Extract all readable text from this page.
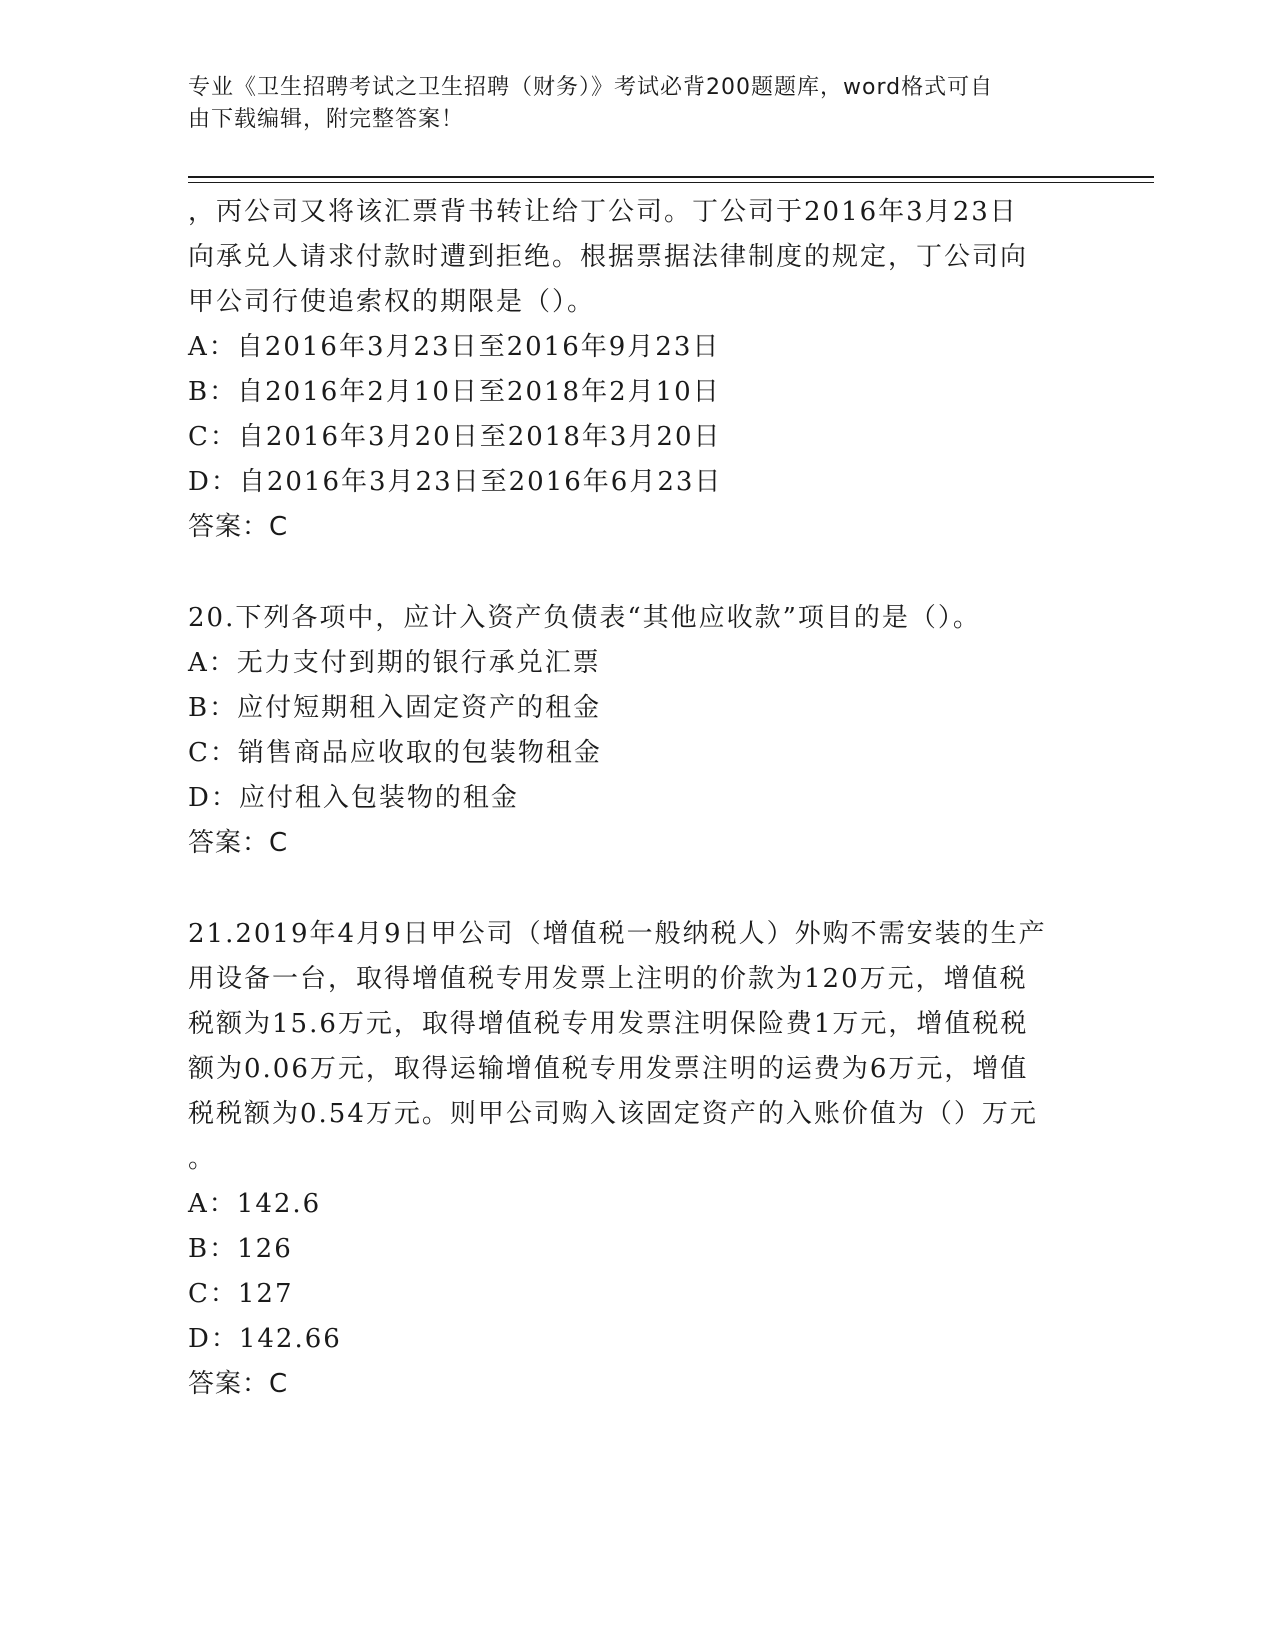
专业《卫生招聘考试之卫生招聘（财务）》考试必背200题题库，word格式可自
由下载编辑，附完整答案！
，丙公司又将该汇票背书转让给丁公司。丁公司于2016年3月23日
向承兑人请求付款时遭到拒绝。根据票据法律制度的规定，丁公司向
甲公司行使追索权的期限是（）。
A：自2016年3月23日至2016年9月23日
B：自2016年2月10日至2018年2月10日
C：自2016年3月20日至2018年3月20日
D：自2016年3月23日至2016年6月23日
答案：C
20.下列各项中，应计入资产负债表“其他应收款”项目的是（）。
A：无力支付到期的银行承兑汇票
B：应付短期租入固定资产的租金
C：销售商品应收取的包装物租金
D：应付租入包装物的租金
答案：C
21.2019年4月9日甲公司（增值税一般纳税人）外购不需安装的生产
用设备一台，取得增值税专用发票上注明的价款为120万元，增值税
税额为15.6万元，取得增值税专用发票注明保险费1万元，增值税税
额为0.06万元，取得运输增值税专用发票注明的运费为6万元，增值
税税额为0.54万元。则甲公司购入该固定资产的入账价值为（）万元
。
A：142.6
B：126
C：127
D：142.66
答案：C
